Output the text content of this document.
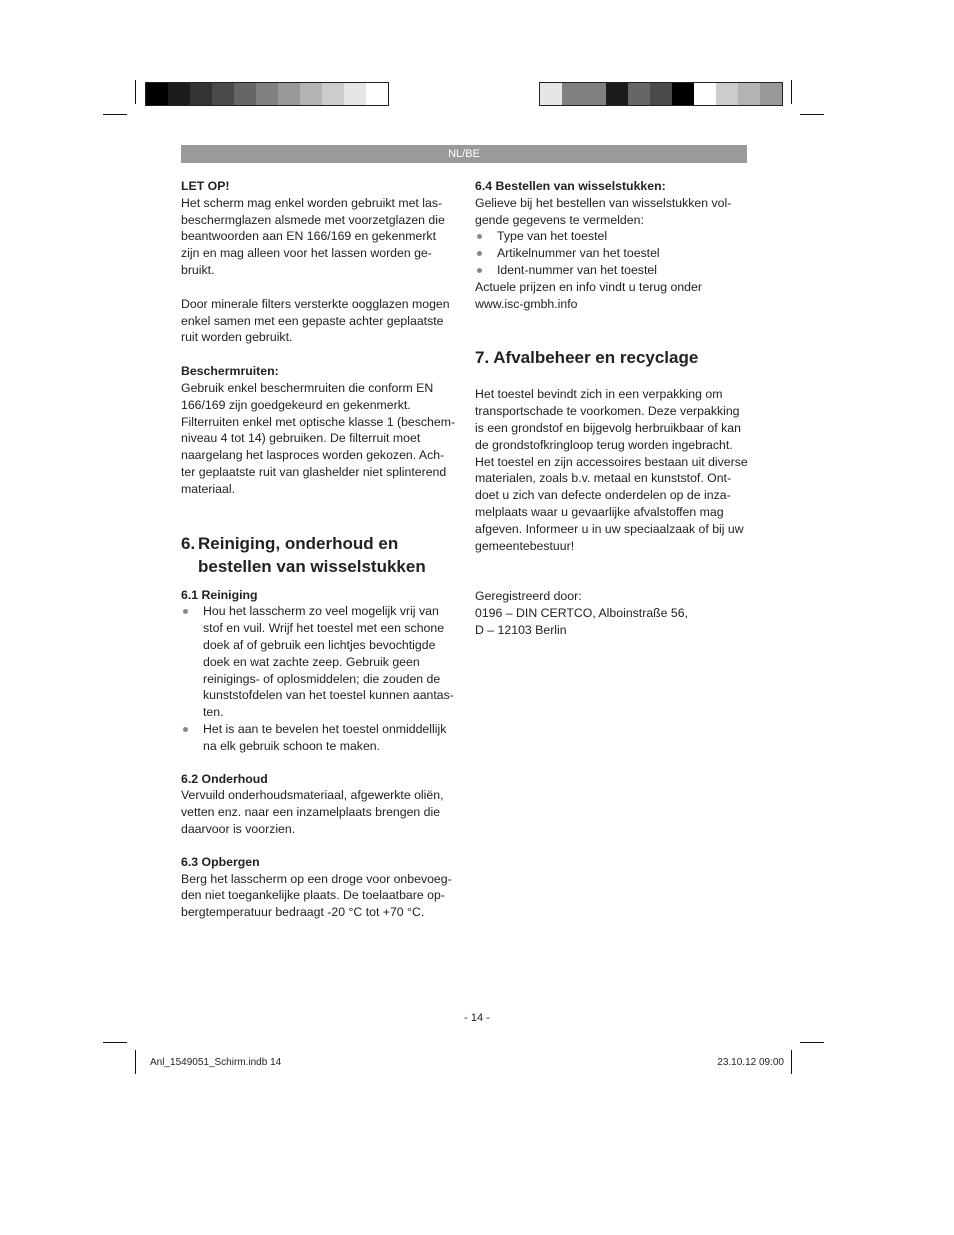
NL/BE

LET OP!

Het scherm mag enkel worden gebruikt met las-
beschermglazen alsmede met voorzetglazen die
beantwoorden aan EN 166/169 en gekenmerkt
zijn en mag alleen voor het lassen worden ge-
bruikt.
Door minerale filters versterkte oogglazen mogen
enkel samen met een gepaste achter geplaatste
ruit worden gebruikt.

Beschermruiten:

Gebruik enkel beschermruiten die conform EN
166/169 zijn goedgekeurd en gekenmerkt.
Filterruiten enkel met optische klasse 1 (beschem-
niveau 4 tot 14) gebruiken. De filterruit moet
naargelang het lasproces worden gekozen. Ach-
ter geplaatste ruit van glashelder niet splinterend
materiaal.
6. Reiniging, onderhoud en
bestellen van wisselstukken

6.1 Reiniging

Hou het lasscherm zo veel mogelijk vrij van
stof en vuil. Wrijf het toestel met een schone
doek af of gebruik een lichtjes bevochtigde
doek en wat zachte zeep. Gebruik geen
reinigings- of oplosmiddelen; die zouden de
kunststofdelen van het toestel kunnen aantas-
ten.
Het is aan te bevelen het toestel onmiddellijk
na elk gebruik schoon te maken.

6.2 Onderhoud

Vervuild onderhoudsmateriaal, afgewerkte oliën,
vetten enz. naar een inzamelplaats brengen die
daarvoor is voorzien.

6.3 Opbergen

Berg het lasscherm op een droge voor onbevoeg-
den niet toegankelijke plaats. De toelaatbare op-
bergtemperatuur bedraagt -20 °C tot +70 °C.

6.4 Bestellen van wisselstukken:

Gelieve bij het bestellen van wisselstukken vol-
gende gegevens te vermelden:
Type van het toestel
Artikelnummer van het toestel
Ident-nummer van het toestel
Actuele prijzen en info vindt u terug onder
www.isc-gmbh.info
7. Afvalbeheer en recyclage
Het toestel bevindt zich in een verpakking om
transportschade te voorkomen. Deze verpakking
is een grondstof en bijgevolg herbruikbaar of kan
de grondstofkringloop terug worden ingebracht.
Het toestel en zijn accessoires bestaan uit diverse
materialen, zoals b.v. metaal en kunststof. Ont-
doet u zich van defecte onderdelen op de inza-
melplaats waar u gevaarlijke afvalstoffen mag
afgeven. Informeer u in uw speciaalzaak of bij uw
gemeentebestuur!
Geregistreerd door:
0196 – DIN CERTCO, Alboinstraße 56,
D – 12103 Berlin
- 14 -
Anl_1549051_Schirm.indb 14	23.10.12 09:00
